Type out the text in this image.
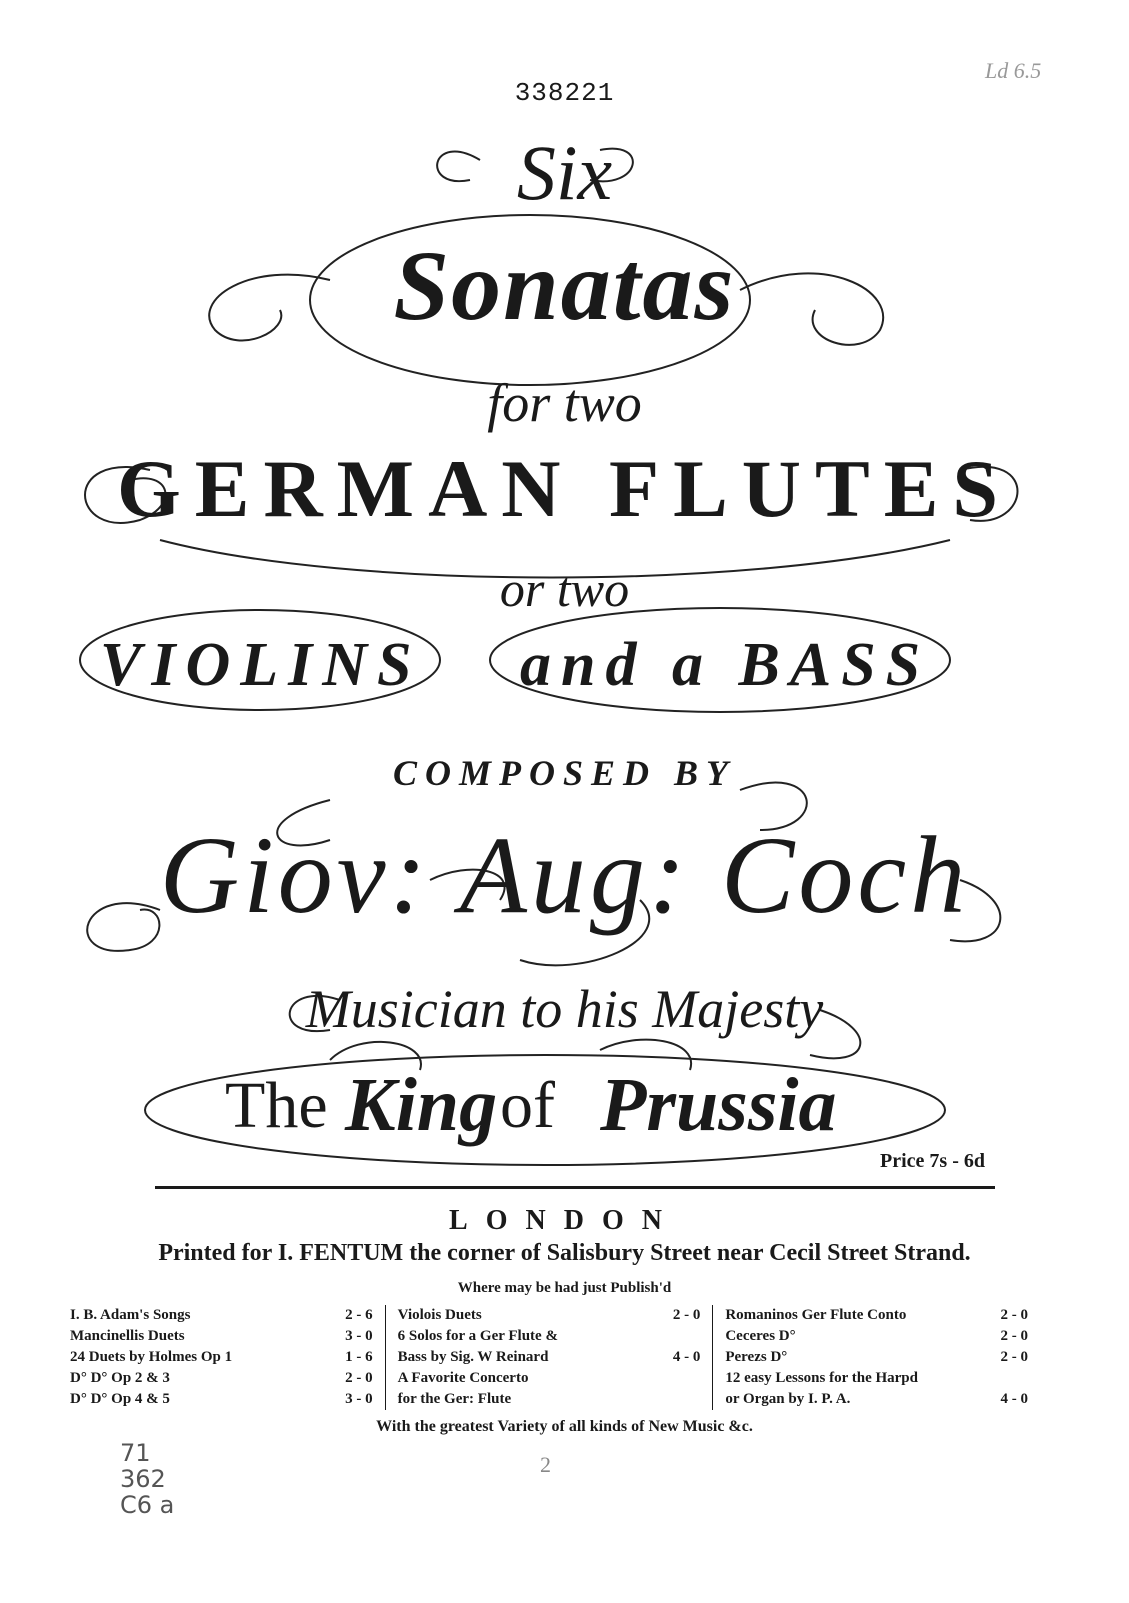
338221
Ld 6.5
Six
Sonatas
for two
GERMAN FLUTES
or two
VIOLINS and a BASS
COMPOSED BY
Giov: Aug: Coch
Musician to his Majesty
The King of Prussia
Price 7s - 6d
LONDON
Printed for I. FENTUM the corner of Salisbury Street near Cecil Street Strand.
Where may be had just Publish'd
I. B. Adam's Songs	2 - 6
Mancinellis Duets	3 - 0
24 Duets by Holmes Op 1	1 - 6
D° D° Op 2 & 3	2 - 0
D° D° Op 4 & 5	3 - 0
Violois Duets	2 - 0
6 Solos for a Ger Flute &
Bass by Sig. W Reinard	4 - 0
A Favorite Concerto
for the Ger: Flute
Romaninos Ger Flute Conto	2 - 0
Ceceres D°	2 - 0
Perezs D°	2 - 0
12 easy Lessons for the Harpd
or Organ by I. P. A.	4 - 0
With the greatest Variety of all kinds of New Music &c.
71
362
C6 a
2
